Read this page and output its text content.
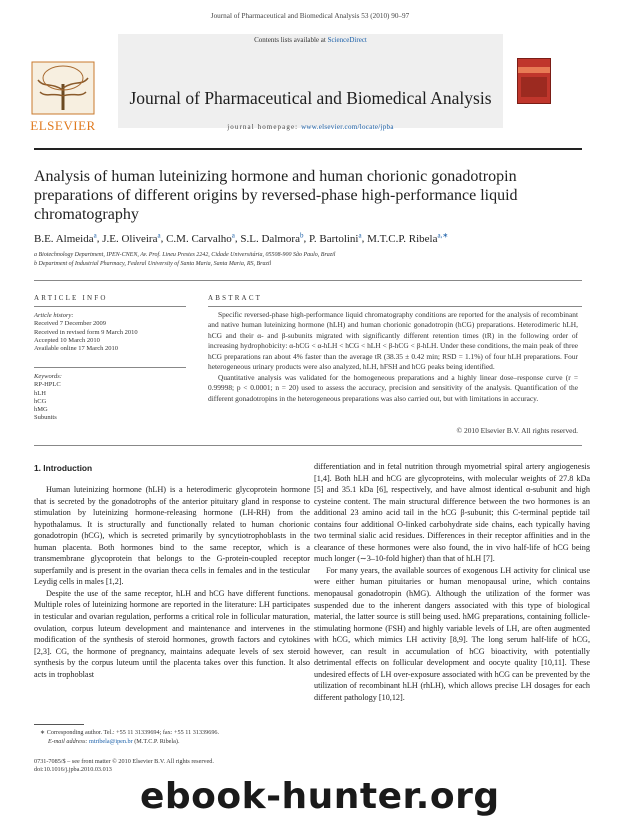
Journal of Pharmaceutical and Biomedical Analysis 53 (2010) 90–97
ELSEVIER
Contents lists available at ScienceDirect
Journal of Pharmaceutical and Biomedical Analysis
journal homepage: www.elsevier.com/locate/jpba
Analysis of human luteinizing hormone and human chorionic gonadotropin preparations of different origins by reversed-phase high-performance liquid chromatography
B.E. Almeida$^a$, J.E. Oliveira$^a$, C.M. Carvalho$^a$, S.L. Dalmora$^b$, P. Bartolini$^a$, M.T.C.P. Ribela$^{a,∗}$
a Biotechnology Department, IPEN-CNEN, Av. Prof. Lineu Prestes 2242, Cidade Universitária, 05508-900 São Paulo, Brazil
b Department of Industrial Pharmacy, Federal University of Santa Maria, Santa Maria, RS, Brazil
ARTICLE INFO
Article history:
Received 7 December 2009
Received in revised form 9 March 2010
Accepted 10 March 2010
Available online 17 March 2010
Keywords:
RP-HPLC
hLH
hCG
hMG
Subunits
ABSTRACT

Specific reversed-phase high-performance liquid chromatography conditions are reported for the analysis of recombinant and native human luteinizing hormone (hLH) and human chorionic gonadotropin (hCG) preparations. Heterodimeric hLH, hCG and their α- and β-subunits migrated with significantly different retention times (tR) in the following order of increasing hydrophobicity: α-hCG < α-hLH < hCG < hLH < β-hCG < β-hLH. Under these conditions, the main peak of three hCG preparations ran about 4% faster than the average tR (38.35 ± 0.42 min; RSD = 1.1%) of four hLH preparations. Four heterogeneous urinary products were also analyzed, hLH, hFSH and hCG peaks being identified.

Quantitative analysis was validated for the homogeneous preparations and a highly linear dose–response curve (r = 0.99998; p < 0.0001; n = 20) used to assess the accuracy, precision and sensitivity of the analysis. Quantification of the different gonadotropins in the heterogeneous preparations was also carried out, but with limitations in accuracy.

© 2010 Elsevier B.V. All rights reserved.
1. Introduction

Human luteinizing hormone (hLH) is a heterodimeric glycoprotein hormone that is secreted by the gonadotrophs of the anterior pituitary gland in response to stimulation by luteinizing hormone-releasing hormone (LH-RH) from the hypothalamus. It is structurally and functionally related to human chorionic gonadotropin (hCG), which is secreted primarily by syncytiotrophoblasts in the human placenta. Both hormones bind to the same receptor, which is a transmembrane glycoprotein that belongs to the G-protein-coupled receptor superfamily and is present in the ovarian theca cells in females and in the testicular Leydig cells in males [1,2].

Despite the use of the same receptor, hLH and hCG have different functions. Multiple roles of luteinizing hormone are reported in the literature: LH participates in testicular and ovarian regulation, performs a critical role in follicular maturation, ovulation, corpus luteum development and maintenance and intervenes in the modification of the synthesis of steroid hormones, growth factors and cytokines [2,3]. CG, the hormone of pregnancy, maintains adequate levels of sex steroid synthesis by the corpus luteum until the placenta takes over this function. It also acts in trophoblast

differentiation and in fetal nutrition through myometrial spiral artery angiogenesis [1,4]. Both hLH and hCG are glycoproteins, with molecular weights of 27.8 kDa [5] and 35.1 kDa [6], respectively, and have almost identical α-subunit and high cysteine content. The main structural difference between the two hormones is an additional 23 amino acid tail in the hCG β-subunit; this C-terminal peptide tail contains four additional O-linked carbohydrate side chains, each typically having two terminal sialic acid residues. Differences in their receptor affinities and in the clearance of these hormones were also found, the in vivo half-life of hCG being much longer (∼3–10-fold higher) than that of hLH [7].

For many years, the available sources of exogenous LH activity for clinical use were either human pituitaries or human menopausal urine, which contains menopausal gonadotropin (hMG). Although the utilization of the former was suspended due to the inherent dangers associated with this type of biological material, the latter source is still being used. hMG preparations, containing follicle-stimulating hormone (FSH) and highly variable levels of LH, are often augmented with hCG, which mimics LH activity [8,9]. The long serum half-life of hCG, however, can result in accumulation of hCG bioactivity, with potentially detrimental effects on follicular development and oocyte quality [10,11]. These undesired effects of LH over-exposure associated with hCG can be prevented by the utilization of recombinant hLH (rhLH), which allows precise LH dosages for each different pathology [10,12].

∗ Corresponding author. Tel.: +55 11 31339694; fax: +55 11 31339696.
E-mail address: mtribela@ipen.br (M.T.C.P. Ribela).
0731-7085/$ – see front matter © 2010 Elsevier B.V. All rights reserved.
doi:10.1016/j.jpba.2010.03.013
ebook-hunter.org
